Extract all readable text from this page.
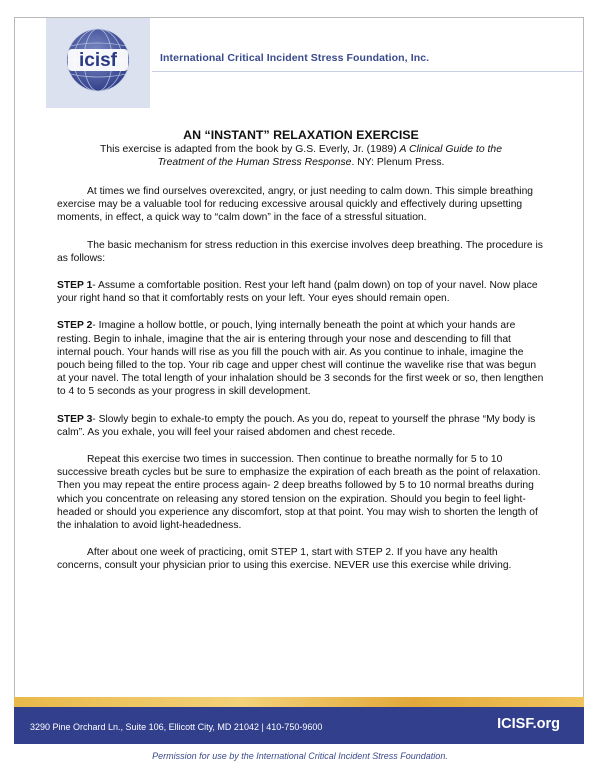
icisf	International Critical Incident Stress Foundation, Inc.

AN “INSTANT” RELAXATION EXERCISE

This exercise is adapted from the book by G.S. Everly, Jr. (1989) A Clinical Guide to the
Treatment of the Human Stress Response. NY: Plenum Press.

At times we find ourselves overexcited, angry, or just needing to calm down. This simple breathing exercise may be a valuable tool for reducing excessive arousal quickly and effectively during upsetting moments, in effect, a quick way to “calm down” in the face of a stressful situation.

The basic mechanism for stress reduction in this exercise involves deep breathing. The procedure is as follows:

STEP 1- Assume a comfortable position. Rest your left hand (palm down) on top of your navel. Now place your right hand so that it comfortably rests on your left. Your eyes should remain open.

STEP 2- Imagine a hollow bottle, or pouch, lying internally beneath the point at which your hands are resting. Begin to inhale, imagine that the air is entering through your nose and descending to fill that internal pouch. Your hands will rise as you fill the pouch with air. As you continue to inhale, imagine the pouch being filled to the top. Your rib cage and upper chest will continue the wavelike rise that was begun at your navel. The total length of your inhalation should be 3 seconds for the first week or so, then lengthen to 4 to 5 seconds as your progress in skill development.

STEP 3- Slowly begin to exhale-to empty the pouch. As you do, repeat to yourself the phrase “My body is calm”. As you exhale, you will feel your raised abdomen and chest recede.

Repeat this exercise two times in succession. Then continue to breathe normally for 5 to 10 successive breath cycles but be sure to emphasize the expiration of each breath as the point of relaxation. Then you may repeat the entire process again- 2 deep breaths followed by 5 to 10 normal breaths during which you concentrate on releasing any stored tension on the expiration. Should you begin to feel light-headed or should you experience any discomfort, stop at that point. You may wish to shorten the length of the inhalation to avoid light-headedness.

After about one week of practicing, omit STEP 1, start with STEP 2. If you have any health concerns, consult your physician prior to using this exercise. NEVER use this exercise while driving.

3290 Pine Orchard Ln., Suite 106, Ellicott City, MD 21042 | 410-750-9600	ICISF.org
Permission for use by the International Critical Incident Stress Foundation.
